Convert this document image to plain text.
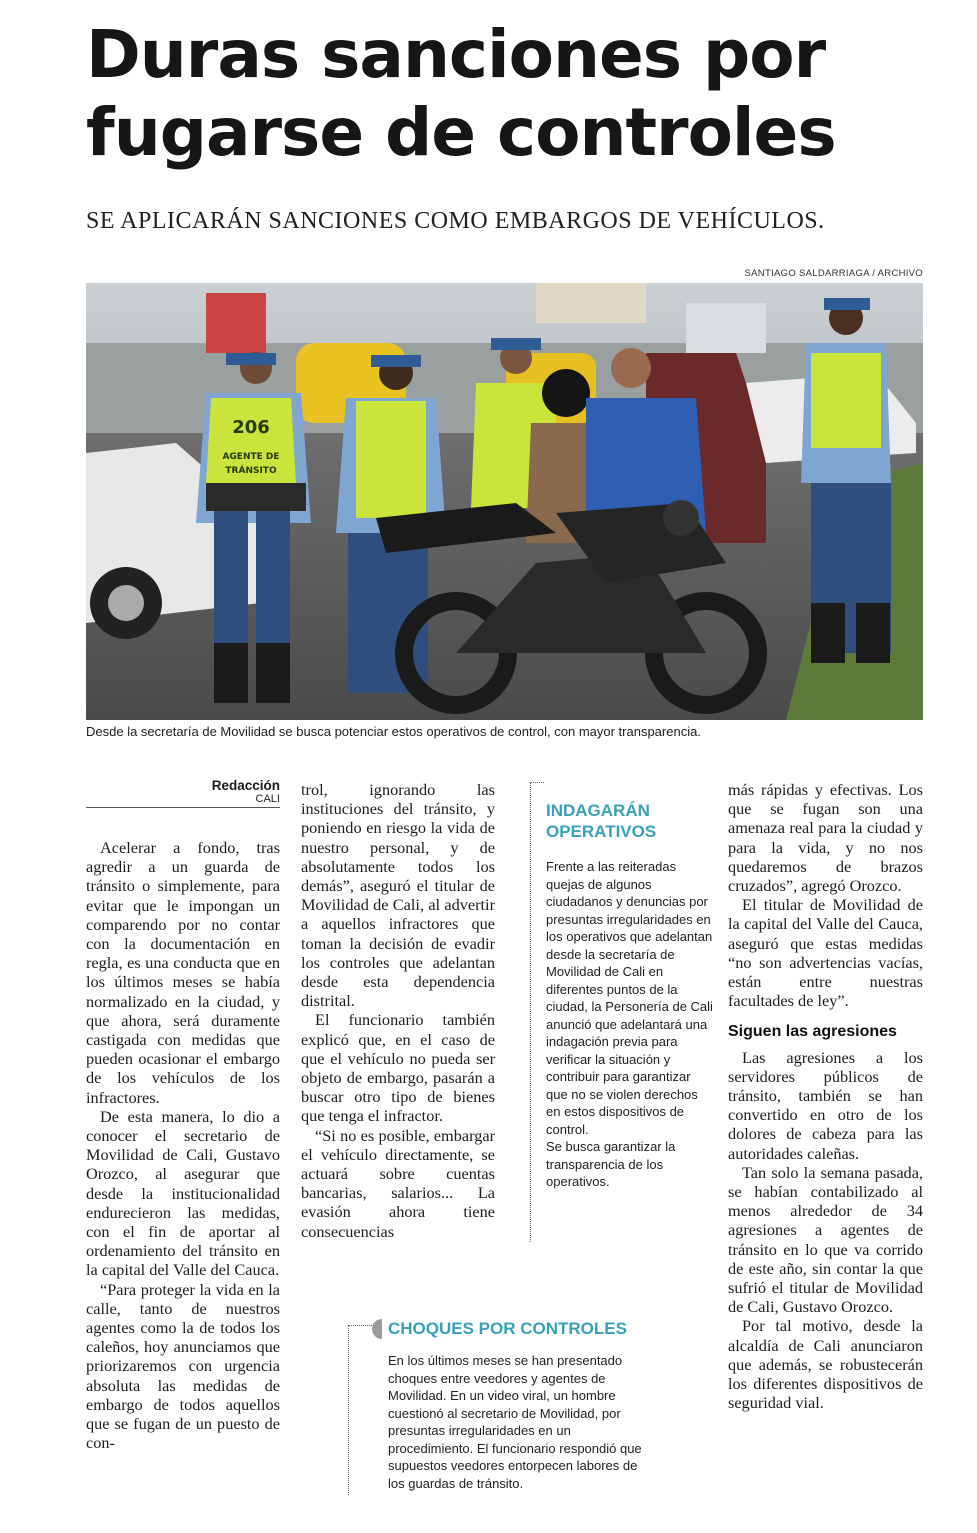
Duras sanciones por
fugarse de controles
SE APLICARÁN SANCIONES COMO EMBARGOS DE VEHÍCULOS.
SANTIAGO SALDARRIAGA / ARCHIVO
206
AGENTE DE
TRÁNSITO
Desde la secretaría de Movilidad se busca potenciar estos operativos de control, con mayor transparencia.
Redacción
CALI

Acelerar a fondo, tras agredir a un guarda de tránsito o simplemente, para evitar que le impongan un comparendo por no contar con la documentación en regla, es una conducta que en los últimos meses se había normalizado en la ciudad, y que ahora, será duramente castigada con medidas que pueden ocasionar el embargo de los vehículos de los infractores.

De esta manera, lo dio a conocer el secretario de Movilidad de Cali, Gustavo Orozco, al asegurar que desde la institucionalidad endurecieron las medidas, con el fin de aportar al ordenamiento del tránsito en la capital del Valle del Cauca.

“Para proteger la vida en la calle, tanto de nuestros agentes como la de todos los caleños, hoy anunciamos que priorizaremos con urgencia absoluta las medidas de embargo de todos aquellos que se fugan de un puesto de con-

trol, ignorando las instituciones del tránsito, y poniendo en riesgo la vida de nuestro personal, y de absolutamente todos los demás”, aseguró el titular de Movilidad de Cali, al advertir a aquellos infractores que toman la decisión de evadir los controles que adelantan desde esta dependencia distrital.

El funcionario también explicó que, en el caso de que el vehículo no pueda ser objeto de embargo, pasarán a buscar otro tipo de bienes que tenga el infractor.

“Si no es posible, embargar el vehículo directamente, se actuará sobre cuentas bancarias, salarios... La evasión ahora tiene consecuencias

INDAGARÁN
OPERATIVOS

Frente a las reiteradas quejas de algunos ciudadanos y denuncias por presuntas irregularidades en los operativos que adelantan desde la secretaría de Movilidad de Cali en diferentes puntos de la ciudad, la Personería de Cali anunció que adelantará una indagación previa para verificar la situación y contribuir para garantizar que no se violen derechos en estos dispositivos de control.

Se busca garantizar la transparencia de los operativos.

más rápidas y efectivas. Los que se fugan son una amenaza real para la ciudad y para la vida, y no nos quedaremos de brazos cruzados”, agregó Orozco.

El titular de Movilidad de la capital del Valle del Cauca, aseguró que estas medidas “no son advertencias vacías, están entre nuestras facultades de ley”.

Siguen las agresiones

Las agresiones a los servidores públicos de tránsito, también se han convertido en otro de los dolores de cabeza para las autoridades caleñas.

Tan solo la semana pasada, se habían contabilizado al menos alrededor de 34 agresiones a agentes de tránsito en lo que va corrido de este año, sin contar la que sufrió el titular de Movilidad de Cali, Gustavo Orozco.

Por tal motivo, desde la alcaldía de Cali anunciaron que además, se robustecerán los diferentes dispositivos de seguridad vial.

CHOQUES POR CONTROLES

En los últimos meses se han presentado choques entre veedores y agentes de Movilidad. En un video viral, un hombre cuestionó al secretario de Movilidad, por presuntas irregularidades en un procedimiento. El funcionario respondió que supuestos veedores entorpecen labores de los guardas de tránsito.
